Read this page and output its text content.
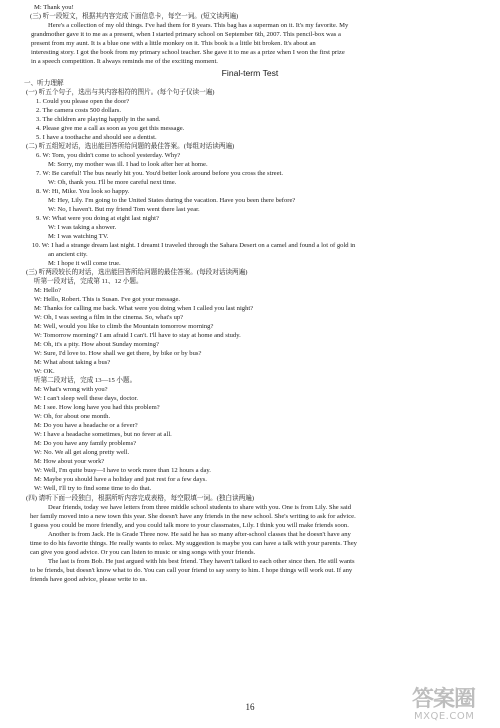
M: Thank you!
(三) 听一段短文，根据其内容完成下面信息卡，每空一词。(短文读两遍)
Here's a collection of my old things. I've had them for 8 years. This bag has a superman on it. It's my favorite. My
grandmother gave it to me as a present, when I started primary school on September 6th, 2007. This pencil-box was a
present from my aunt. It is a blue one with a little monkey on it. This book is a little bit broken. It's about an
interesting story. I got the book from my primary school teacher. She gave it to me as a prize when I won the first prize
in a speech competition. It always reminds me of the exciting moment.
Final-term Test
一、听力理解
(一) 听五个句子，选出与其内容相符的图片。(每个句子仅读一遍)
1. Could you please open the door?
2. The camera costs 500 dollars.
3. The children are playing happily in the sand.
4. Please give me a call as soon as you get this message.
5. I have a toothache and should see a dentist.
(二) 听五组短对话，选出能回答所给问题的最佳答案。(每组对话读两遍)
6. W: Tom, you didn't come to school yesterday. Why?
M: Sorry, my mother was ill. I had to look after her at home.
7. W: Be careful! The bus nearly hit you. You'd better look around before you cross the street.
W: Oh, thank you. I'll be more careful next time.
8. W: Hi, Mike. You look so happy.
M: Hey, Lily. I'm going to the United States during the vacation. Have you been there before?
W: No, I haven't. But my friend Tom went there last year.
9. W: What were you doing at eight last night?
W: I was taking a shower.
M: I was watching TV.
10. W: I had a strange dream last night. I dreamt I traveled through the Sahara Desert on a camel and found a lot of gold in
an ancient city.
M: I hope it will come true.
(三) 听两段较长的对话，选出能回答所给问题的最佳答案。(每段对话读两遍)
听第一段对话，完成第 11、12 小题。
M: Hello?
W: Hello, Robert. This is Susan. I've got your message.
M: Thanks for calling me back. What were you doing when I called you last night?
W: Oh, I was seeing a film in the cinema. So, what's up?
M: Well, would you like to climb the Mountain tomorrow morning?
W: Tomorrow morning? I am afraid I can't. I'll have to stay at home and study.
M: Oh, it's a pity. How about Sunday morning?
W: Sure, I'd love to. How shall we get there, by bike or by bus?
M: What about taking a bus?
W: OK.
听第二段对话，完成 13—15 小题。
M: What's wrong with you?
W: I can't sleep well these days, doctor.
M: I see. How long have you had this problem?
W: Oh, for about one month.
M: Do you have a headache or a fever?
W: I have a headache sometimes, but no fever at all.
M: Do you have any family problems?
W: No. We all get along pretty well.
M: How about your work?
W: Well, I'm quite busy—I have to work more than 12 hours a day.
M: Maybe you should have a holiday and just rest for a few days.
W: Well, I'll try to find some time to do that.
(四) 请听下面一段独白，根据所听内容完成表格，每空限填一词。(独白读两遍)
Dear friends, today we have letters from three middle school students to share with you. One is from Lily. She said
her family moved into a new town this year. She doesn't have any friends in the new school. She's writing to ask for advice.
I guess you could be more friendly, and you could talk more to your classmates, Lily. I think you will make friends soon.
Another is from Jack. He is Grade Three now. He said he has so many after-school classes that he doesn't have any
time to do his favorite things. He really wants to relax. My suggestion is maybe you can have a talk with your parents. They
can give you good advice. Or you can listen to music or sing songs with your friends.
The last is from Bob. He just argued with his best friend. They haven't talked to each other since then. He still wants
to be friends, but doesn't know what to do. You can call your friend to say sorry to him. I hope things will work out. If any
friends have good advice, please write to us.
16	答案圈
MXQE.COM
